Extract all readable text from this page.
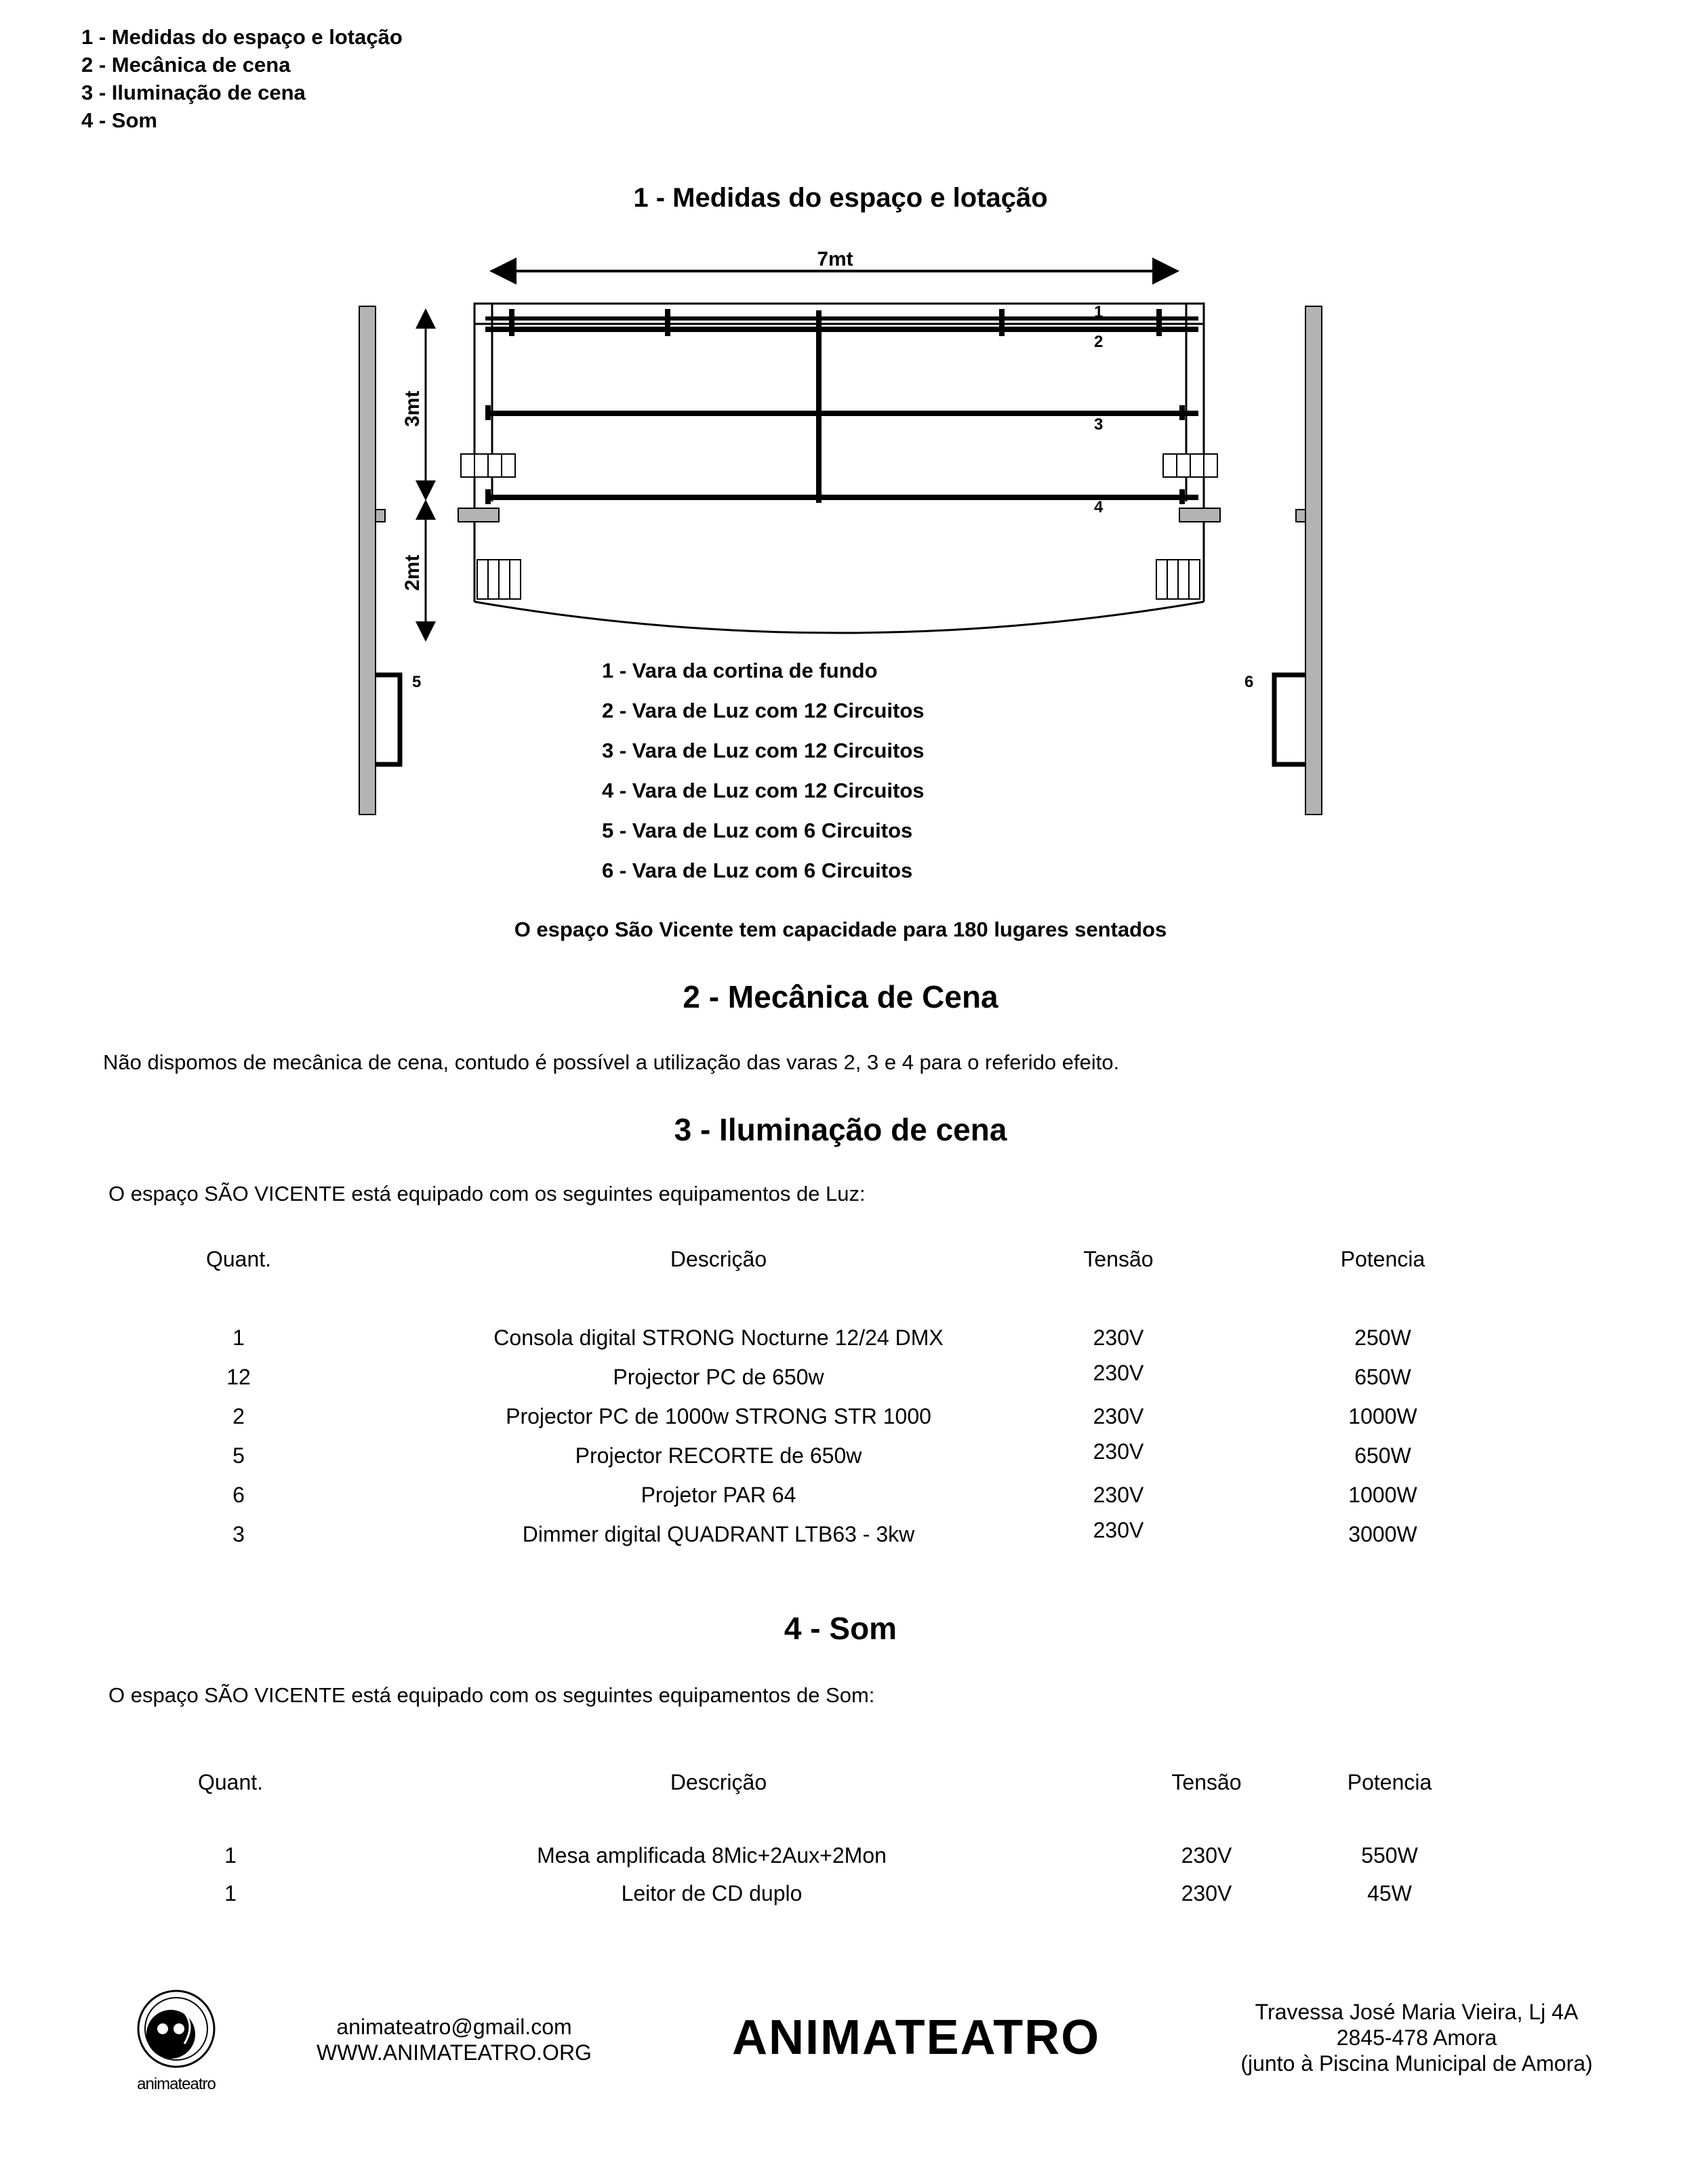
1 - Medidas do espaço e lotação
2 - Mecânica de cena
3 - Iluminação de cena
4 - Som
1 - Medidas do espaço e lotação
7mt
3mt
2mt
1
2
3
4
5	6
1 - Vara da cortina de fundo
2 - Vara de Luz com 12 Circuitos
3 - Vara de Luz com 12 Circuitos
4 - Vara de Luz com 12 Circuitos
5 - Vara de Luz com 6 Circuitos
6 - Vara de Luz com 6 Circuitos
O espaço São Vicente tem capacidade para 180 lugares sentados
2 - Mecânica de Cena
Não dispomos de mecânica de cena, contudo é possível a utilização das varas 2, 3 e 4 para o referido efeito.
3 - Iluminação de cena
O espaço SÃO VICENTE está equipado com os seguintes equipamentos de Luz:
Quant.	Descrição	Tensão	Potencia
1	Consola digital STRONG Nocturne 12/24 DMX	230V	250W
12	Projector PC de 650w	230V	650W
2	Projector PC de 1000w STRONG STR 1000	230V	1000W
5	Projector RECORTE de 650w	230V	650W
6	Projetor PAR 64	230V	1000W
3	Dimmer digital QUADRANT LTB63 - 3kw	230V	3000W
4 - Som
O espaço SÃO VICENTE está equipado com os seguintes equipamentos de Som:
Quant.	Descrição	Tensão	Potencia
1	Mesa amplificada 8Mic+2Aux+2Mon	230V	550W
1	Leitor de CD duplo	230V	45W
animateatro
animateatro@gmail.com
WWW.ANIMATEATRO.ORG	ANIMATEATRO	Travessa José Maria Vieira, Lj 4A
2845-478 Amora
(junto à Piscina Municipal de Amora)
